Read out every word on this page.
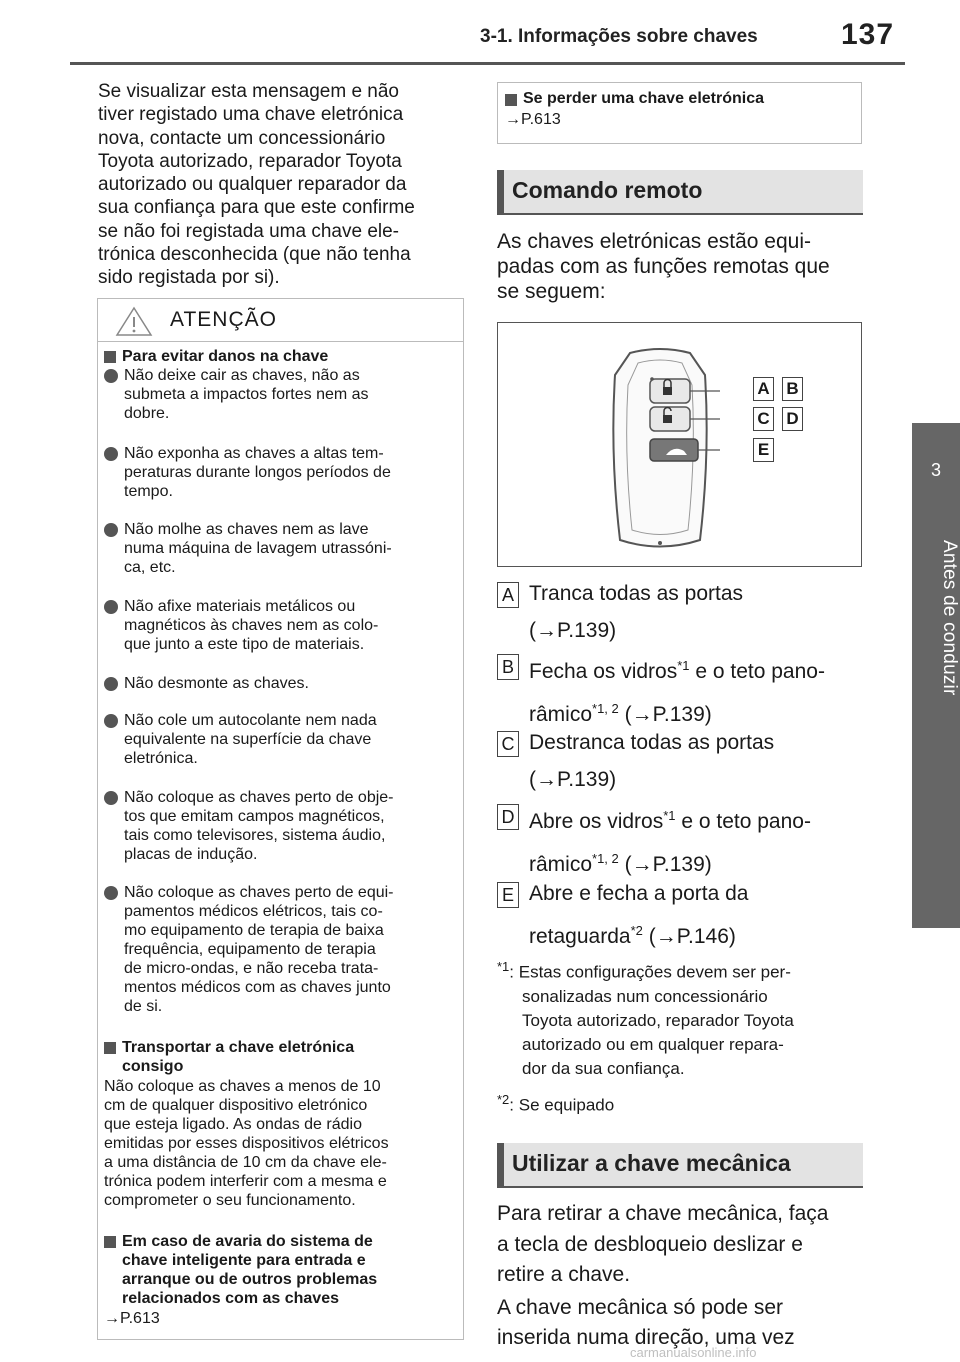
3-1. Informações sobre chaves	137
3
Antes de conduzir
Se visualizar esta mensagem e não
tiver registado uma chave eletrónica
nova, contacte um concessionário
Toyota autorizado, reparador Toyota
autorizado ou qualquer reparador da
sua confiança para que este confirme
se não foi registada uma chave ele-
trónica desconhecida (que não tenha
sido registada por si).
ATENÇÃO
Para evitar danos na chave
Não deixe cair as chaves, não as
submeta a impactos fortes nem as
dobre.
Não exponha as chaves a altas tem-
peraturas durante longos períodos de
tempo.
Não molhe as chaves nem as lave
numa máquina de lavagem utrassóni-
ca, etc.
Não afixe materiais metálicos ou
magnéticos às chaves nem as colo-
que junto a este tipo de materiais.
Não desmonte as chaves.
Não cole um autocolante nem nada
equivalente na superfície da chave
eletrónica.
Não coloque as chaves perto de obje-
tos que emitam campos magnéticos,
tais como televisores, sistema áudio,
placas de indução.
Não coloque as chaves perto de equi-
pamentos médicos elétricos, tais co-
mo equipamento de terapia de baixa
frequência, equipamento de terapia
de micro-ondas, e não receba trata-
mentos médicos com as chaves junto
de si.
Transportar a chave eletrónica
consigo
Não coloque as chaves a menos de 10
cm de qualquer dispositivo eletrónico
que esteja ligado. As ondas de rádio
emitidas por esses dispositivos elétricos
a uma distância de 10 cm da chave ele-
trónica podem interferir com a mesma e
comprometer o seu funcionamento.
Em caso de avaria do sistema de
chave inteligente para entrada e
arranque ou de outros problemas
relacionados com as chaves
→P.613
Se perder uma chave eletrónica
→P.613
Comando remoto
As chaves eletrónicas estão equi-
padas com as funções remotas que
se seguem:
A B
C D
E
A Tranca todas as portas
(→P.139)
B Fecha os vidros$^{*1}$ e o teto pano-
râmico$^{*1, 2}$ (→P.139)
C Destranca todas as portas
(→P.139)
D Abre os vidros$^{*1}$ e o teto pano-
râmico$^{*1, 2}$ (→P.139)
E Abre e fecha a porta da
retaguarda$^{*2}$ (→P.146)
$^{*1}$: Estas configurações devem ser per-
sonalizadas num concessionário
Toyota autorizado, reparador Toyota
autorizado ou em qualquer repara-
dor da sua confiança.
$^{*2}$: Se equipado
Utilizar a chave mecânica
Para retirar a chave mecânica, faça
a tecla de desbloqueio deslizar e
retire a chave.
A chave mecânica só pode ser
inserida numa direção, uma vez
carmanualsonline.info
